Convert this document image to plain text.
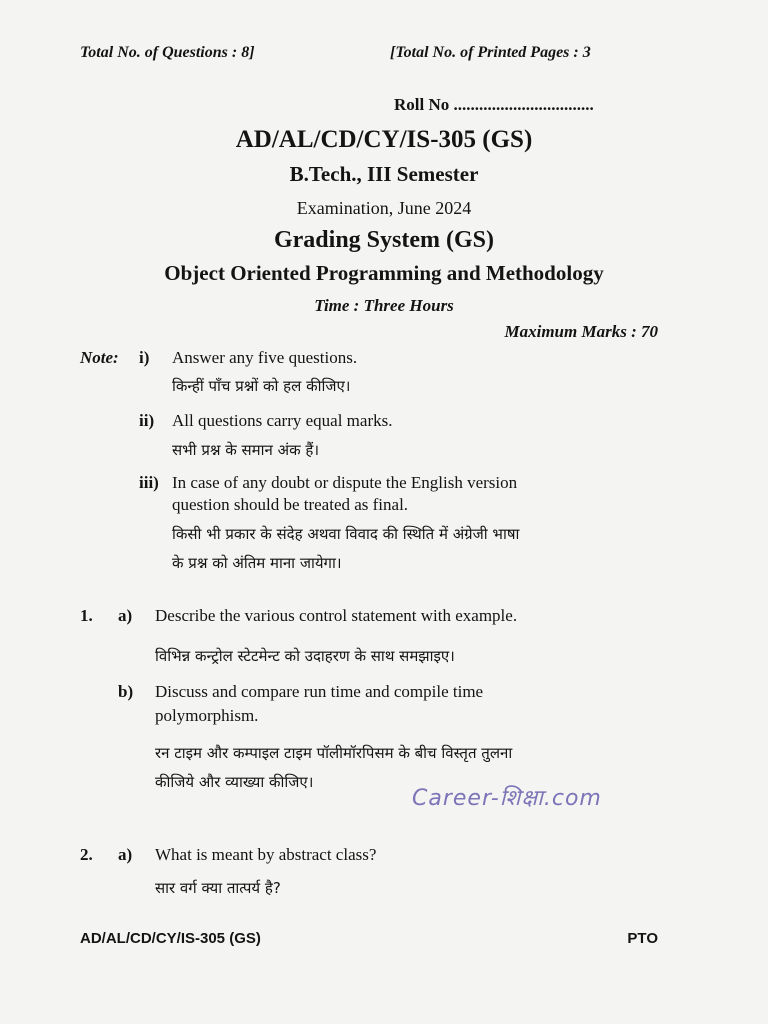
Total No. of Questions : 8]	[Total No. of Printed Pages : 3
Roll No .................................
AD/AL/CD/CY/IS-305 (GS)
B.Tech., III Semester
Examination, June 2024
Grading System (GS)
Object Oriented Programming and Methodology
Time : Three Hours
Maximum Marks : 70
Note: i) Answer any five questions.
किन्हीं पाँच प्रश्नों को हल कीजिए।
ii) All questions carry equal marks.
सभी प्रश्न के समान अंक हैं।
iii) In case of any doubt or dispute the English version
question should be treated as final.
किसी भी प्रकार के संदेह अथवा विवाद की स्थिति में अंग्रेजी भाषा
के प्रश्न को अंतिम माना जायेगा।
1. a) Describe the various control statement with example.
विभिन्न कन्ट्रोल स्टेटमेन्ट को उदाहरण के साथ समझाइए।
b) Discuss and compare run time and compile time
polymorphism.
रन टाइम और कम्पाइल टाइम पॉलीमॉरपिसम के बीच विस्तृत तुलना
कीजिये और व्याख्या कीजिए।
Career-शिक्षा.com
2. a) What is meant by abstract class?
सार वर्ग क्या तात्पर्य है?
AD/AL/CD/CY/IS-305 (GS)	PTO
